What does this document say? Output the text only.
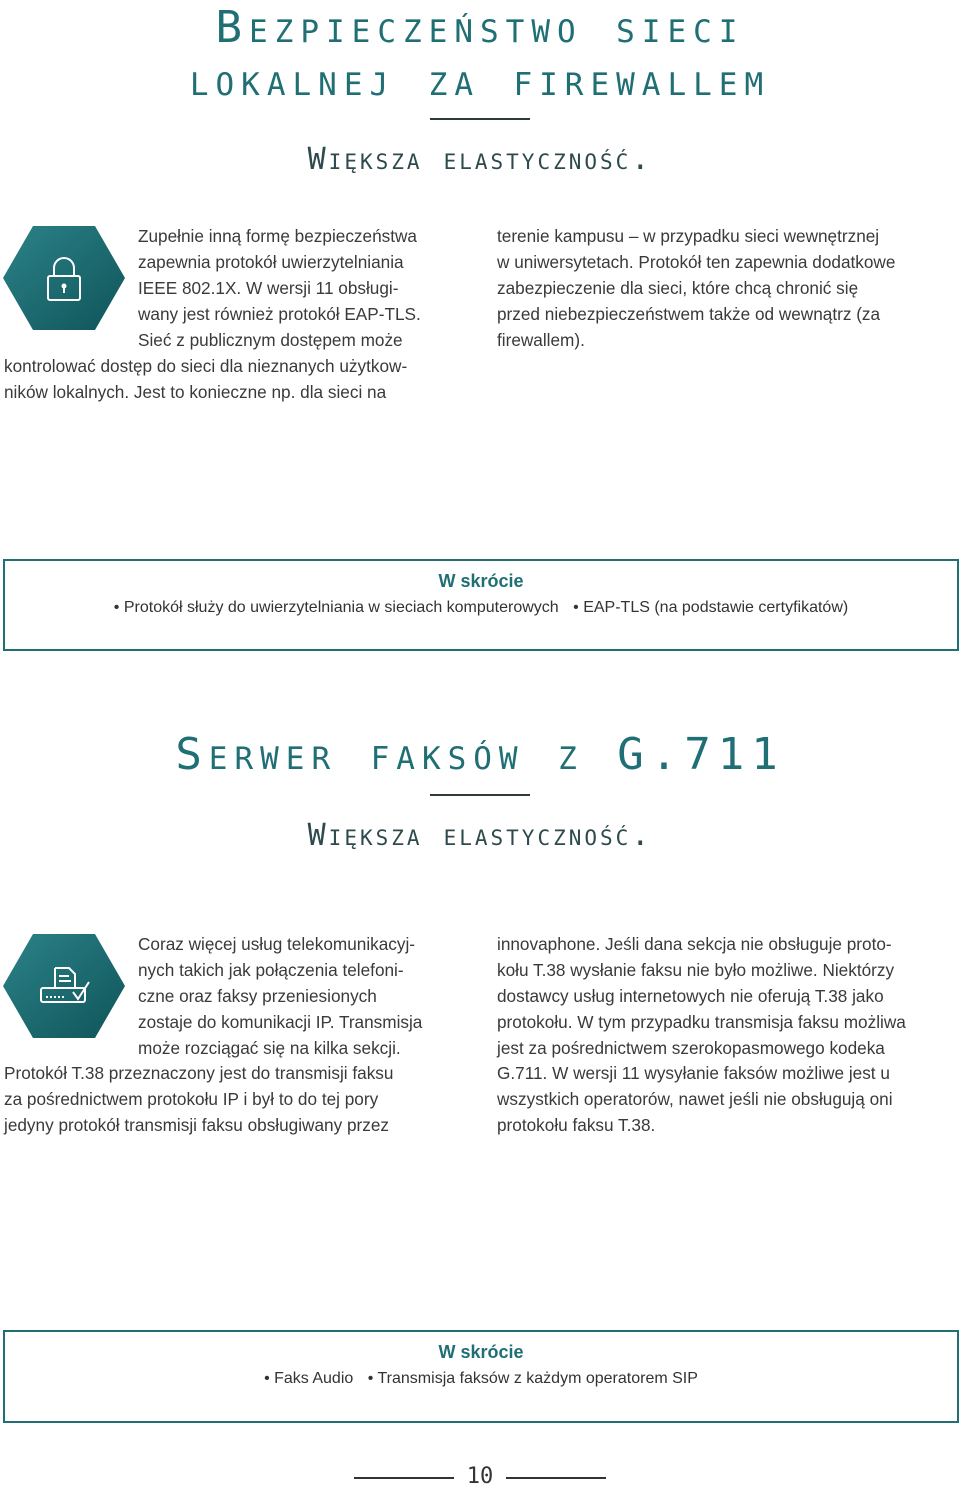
Bezpieczeństwo sieci
lokalnej za firewallem
Większa elastyczność.

Zupełnie inną formę bezpieczeństwa

zapewnia protokół uwierzytelniania

IEEE 802.1X. W wersji 11 obsługi-

wany jest również protokół EAP-TLS.

Sieć z publicznym dostępem może

kontrolować dostęp do sieci dla nieznanych użytkow-

ników lokalnych. Jest to konieczne np. dla sieci na

terenie kampusu – w przypadku sieci wewnętrznej

w uniwersytetach. Protokół ten zapewnia dodatkowe

zabezpieczenie dla sieci, które chcą chronić się

przed niebezpieczeństwem także od wewnątrz (za

firewallem).

W skrócie
• Protokół służy do uwierzytelniania w sieciach komputerowych • EAP-TLS (na podstawie certyfikatów)
Serwer faksów z G.711
Większa elastyczność.

Coraz więcej usług telekomunikacyj-

nych takich jak połączenia telefoni-

czne oraz faksy przeniesionych

zostaje do komunikacji IP. Transmisja

może rozciągać się na kilka sekcji.

Protokół T.38 przeznaczony jest do transmisji faksu

za pośrednictwem protokołu IP i był to do tej pory

jedyny protokół transmisji faksu obsługiwany przez

innovaphone. Jeśli dana sekcja nie obsługuje proto-

kołu T.38 wysłanie faksu nie było możliwe. Niektórzy

dostawcy usług internetowych nie oferują T.38 jako

protokołu. W tym przypadku transmisja faksu możliwa

jest za pośrednictwem szerokopasmowego kodeka

G.711. W wersji 11 wysyłanie faksów możliwe jest u

wszystkich operatorów, nawet jeśli nie obsługują oni

protokołu faksu T.38.

W skrócie
• Faks Audio • Transmisja faksów z każdym operatorem SIP
10
